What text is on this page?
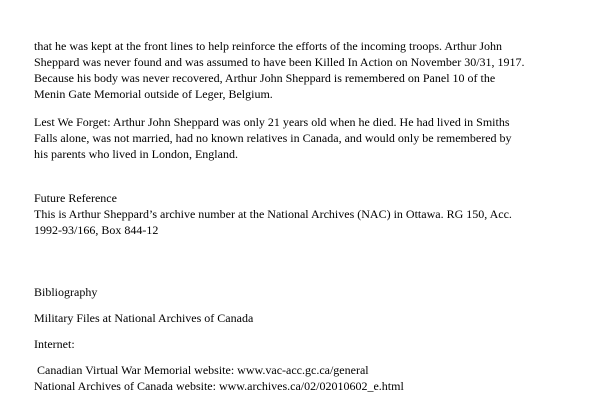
that he was kept at the front lines to help reinforce the efforts of the incoming troops. Arthur John
Sheppard was never found and was assumed to have been Killed In Action on November 30/31, 1917.
Because his body was never recovered, Arthur John Sheppard is remembered on Panel 10 of the
Menin Gate Memorial outside of Leger, Belgium.

Lest We Forget: Arthur John Sheppard was only 21 years old when he died. He had lived in Smiths
Falls alone, was not married, had no known relatives in Canada, and would only be remembered by
his parents who lived in London, England.

Future Reference
This is Arthur Sheppard’s archive number at the National Archives (NAC) in Ottawa. RG 150, Acc.
1992-93/166, Box 844-12

Bibliography

Military Files at National Archives of Canada

Internet:

Canadian Virtual War Memorial website: www.vac-acc.gc.ca/general
National Archives of Canada website: www.archives.ca/02/02010602_e.html
